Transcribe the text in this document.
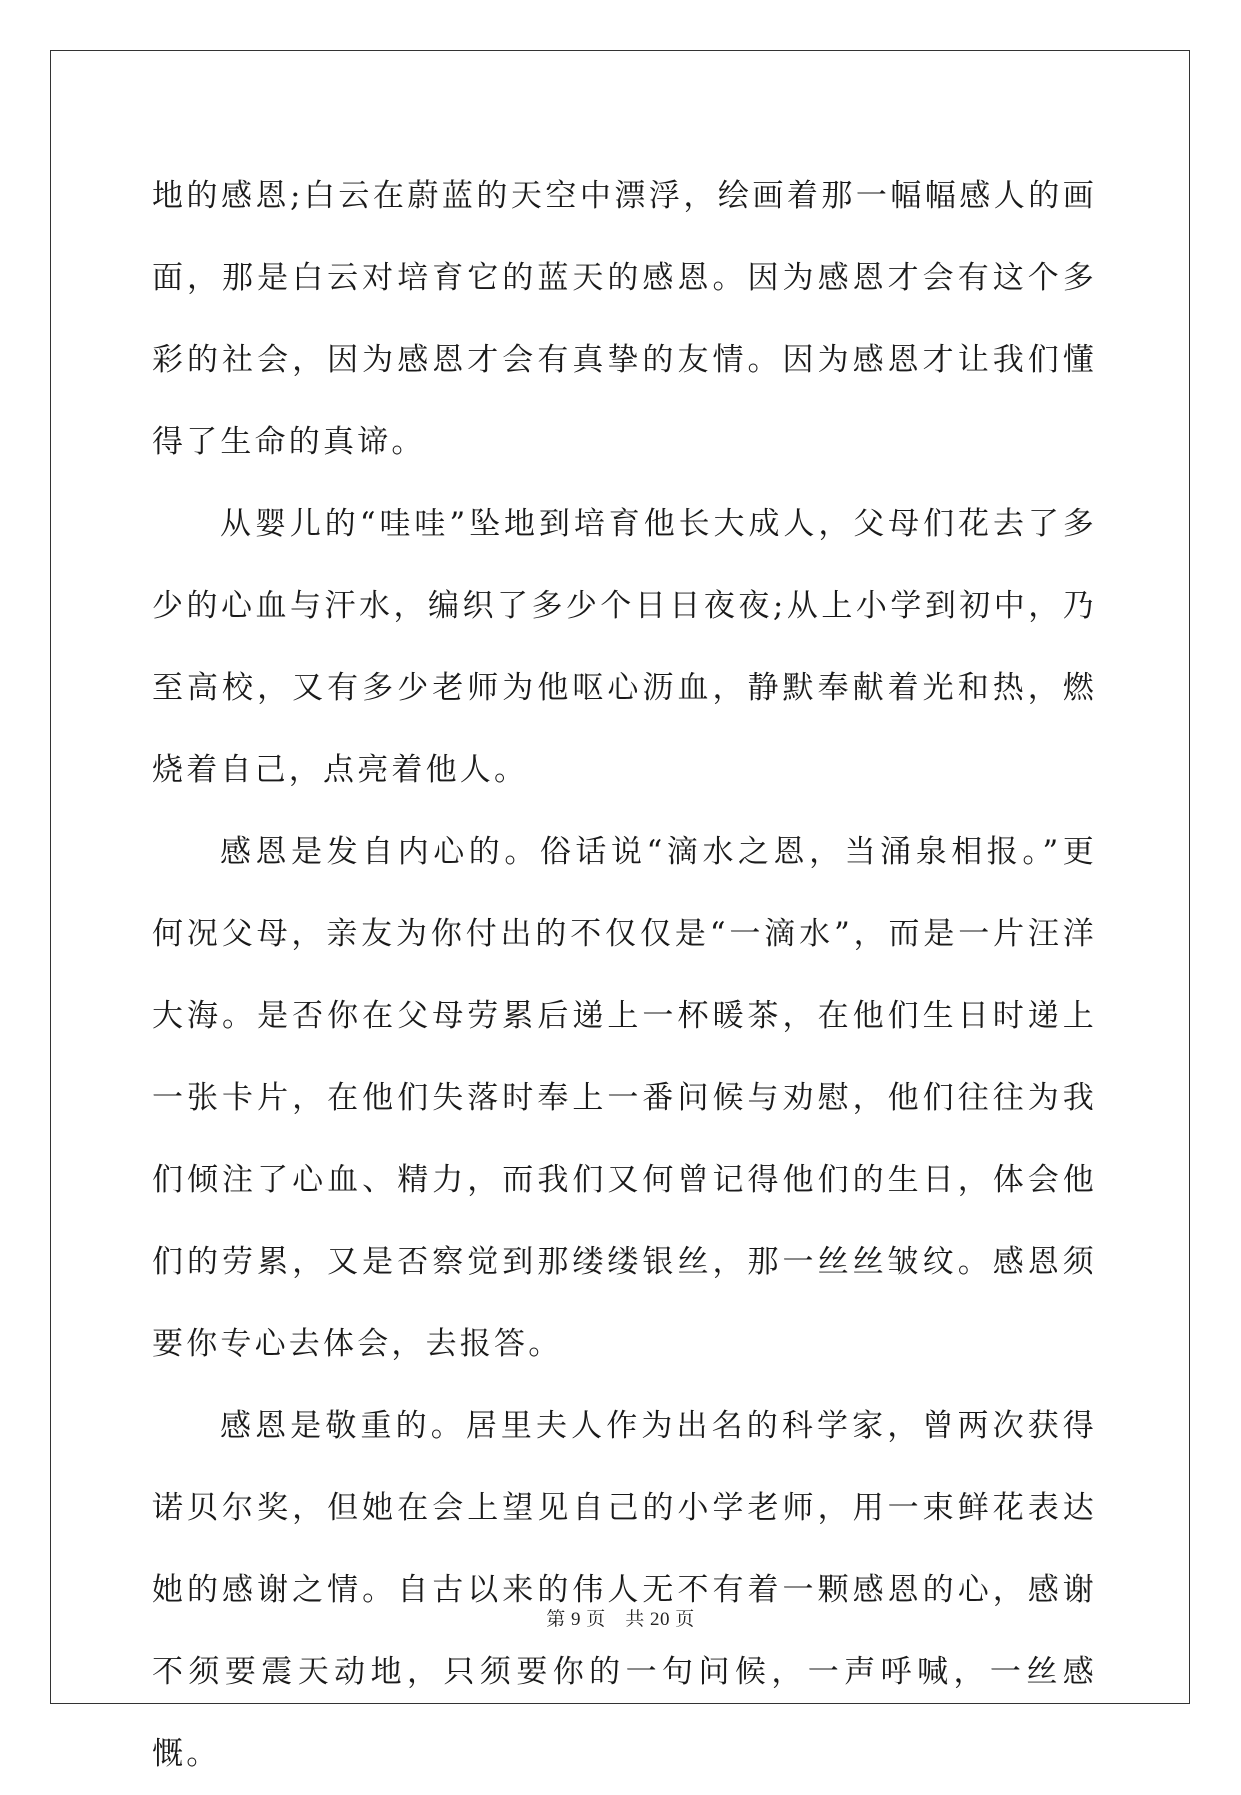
地的感恩;白云在蔚蓝的天空中漂浮，绘画着那一幅幅感人的画面，那是白云对培育它的蓝天的感恩。因为感恩才会有这个多彩的社会，因为感恩才会有真挚的友情。因为感恩才让我们懂得了生命的真谛。

从婴儿的“哇哇”坠地到培育他长大成人，父母们花去了多少的心血与汗水，编织了多少个日日夜夜;从上小学到初中，乃至高校，又有多少老师为他呕心沥血，静默奉献着光和热，燃烧着自己，点亮着他人。

感恩是发自内心的。俗话说“滴水之恩，当涌泉相报。”更何况父母，亲友为你付出的不仅仅是“一滴水”，而是一片汪洋大海。是否你在父母劳累后递上一杯暖茶，在他们生日时递上一张卡片，在他们失落时奉上一番问候与劝慰，他们往往为我们倾注了心血、精力，而我们又何曾记得他们的生日，体会他们的劳累，又是否察觉到那缕缕银丝，那一丝丝皱纹。感恩须要你专心去体会，去报答。

感恩是敬重的。居里夫人作为出名的科学家，曾两次获得诺贝尔奖，但她在会上望见自己的小学老师，用一束鲜花表达她的感谢之情。自古以来的伟人无不有着一颗感恩的心，感谢不须要震天动地，只须要你的一句问候，一声呼喊，一丝感慨。

第 9 页　共 20 页
